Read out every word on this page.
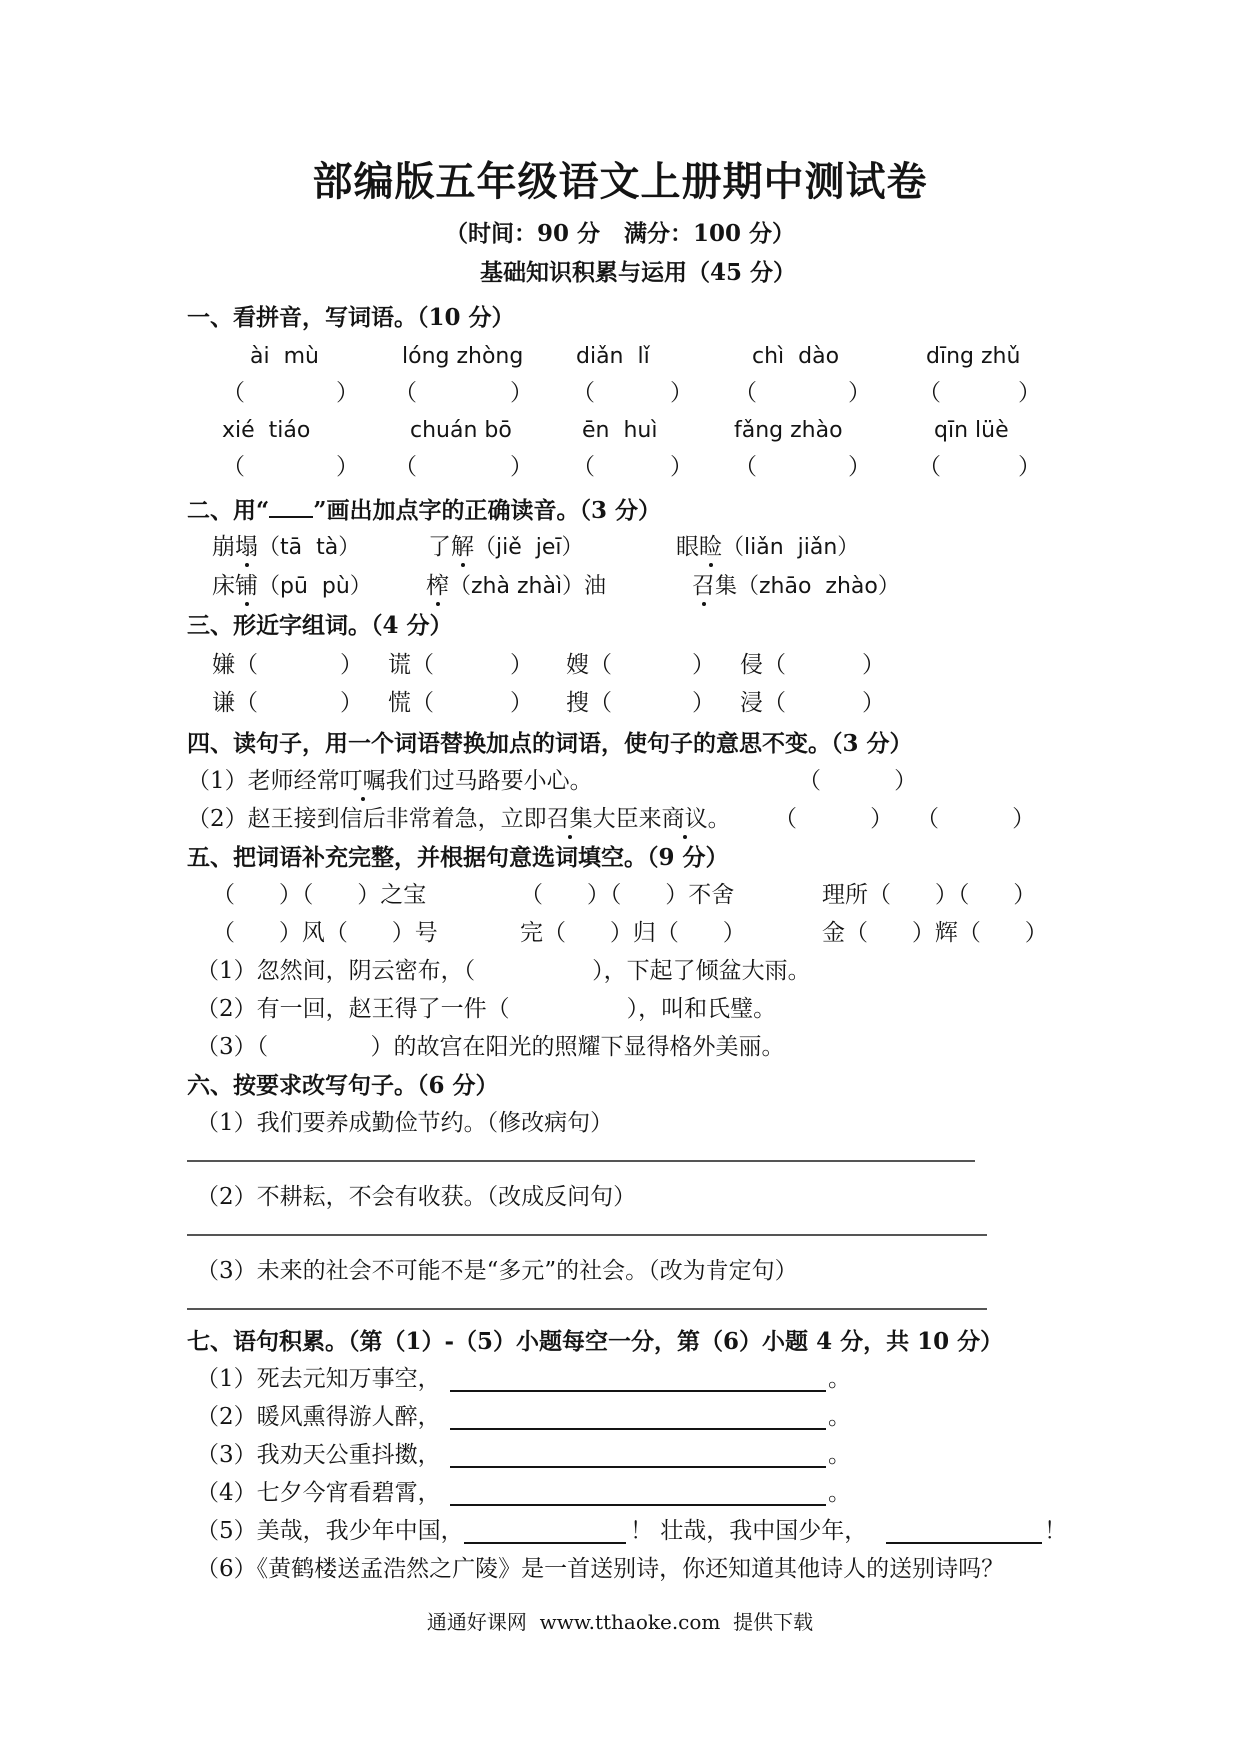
部编版五年级语文上册期中测试卷
（时间：90 分   满分：100 分）
基础知识积累与运用（45 分）
一、看拼音，写词语。（10 分）
ài  mù	lóng zhòng diǎn  lǐ	chì  dào	dīng zhǔ
（	） （	） （	） （	） （	）
xié  tiáo	chuán bō	ēn  huì	fǎng zhào	qīn lüè
（	） （	） （	） （	） （	）
二、用“ ”画出加点字的正确读音。（3 分）
崩塌（tā  tà）	了解（jiě  jeī）	眼睑（liǎn  jiǎn）
床铺（pū  pù） 榨（zhà zhàì）油	召集（zhāo  zhào）
三、形近字组词。（4 分）
嫌（	） 谎（	） 嫂（	） 侵（	）
谦（	） 慌（	） 搜（	） 浸（	）
四、读句子，用一个词语替换加点的词语，使句子的意思不变。（3 分）
（1）老师经常叮嘱我们过马路要小心。	（          ）
（2）赵王接到信后非常着急，立即召集大臣来商议。 （          ） （          ）
五、把词语补充完整，并根据句意选词填空。（9 分）
（      ）（      ）之宝	（      ）（      ）不舍	理所（      ）（      ）
（      ）风（      ）号	完（      ）归（      ）	金（      ）辉（      ）
（1）忽然间，阴云密布，（                ），下起了倾盆大雨。
（2）有一回，赵王得了一件（                ），叫和氏璧。
（3）（              ）的故宫在阳光的照耀下显得格外美丽。
六、按要求改写句子。（6 分）
（1）我们要养成勤俭节约。（修改病句）
（2）不耕耘，不会有收获。（改成反问句）
（3）未来的社会不可能不是“多元”的社会。（改为肯定句）
七、语句积累。（第（1）-（5）小题每空一分，第（6）小题 4 分，共 10 分）
（1）死去元知万事空，	。
（2）暖风熏得游人醉，	。
（3）我劝天公重抖擞，	。
（4）七夕今宵看碧霄，	。
（5）美哉，我少年中国，	！ 壮哉，我中国少年，	！
（6）《黄鹤楼送孟浩然之广陵》是一首送别诗，你还知道其他诗人的送别诗吗？
通通好课网  www.tthaoke.com  提供下载
